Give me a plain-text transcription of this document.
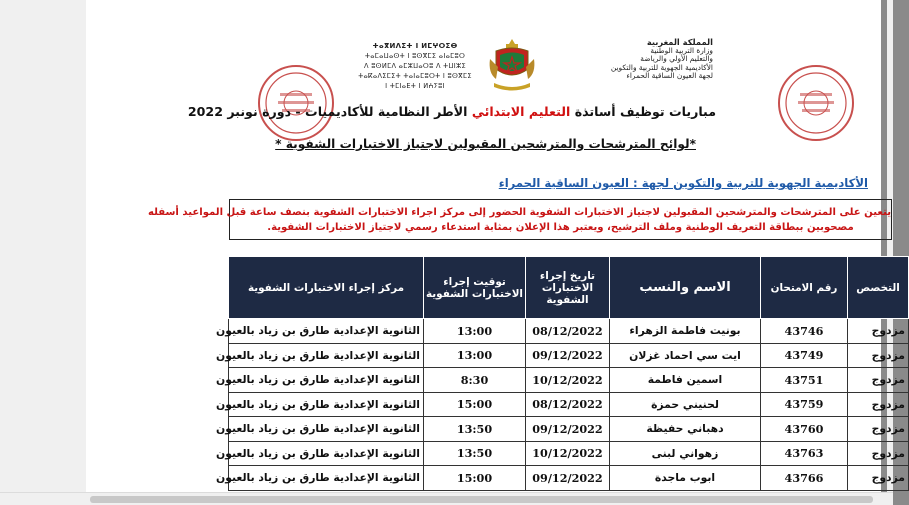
المملكة المغربية
وزارة التربية الوطنية
والتعليم الأولي والرياضة
الأكاديمية الجهوية للتربية والتكوين
لجهة العيون الساقية الحمراء
ⵜⴰⴳⵍⴷⵉⵜ ⵏ ⵍⵎⵖⵔⵉⴱ
ⵜⴰⵎⴰⵡⴰⵙⵜ ⵏ ⵓⵙⴳⵎⵉ ⴰⵏⴰⵎⵓⵔ
ⴷ ⵓⵙⵍⵎⴷ ⴰⵎⵣⵡⴰⵔⵓ ⴷ ⵜⵡⵏⵣⵉ
ⵜⴰⴽⴰⴷⵉⵎⵉⵜ ⵜⴰⵏⴰⵎⵓⵔⵜ ⵏ ⵓⵙⴳⵎⵉ
ⵏ ⵜⵎⵏⴰⴹⵜ ⵏ ⵍⵄⵢⵓⵏ
مباريات توظيف أساتذة التعليم الابتدائي الأطر النظامية للأكاديميات - دورة نونبر 2022
*لوائح المترشحات والمترشحين المقبولين لاجتياز الاختبارات الشفوية *
الأكاديمية الجهوية للتربية والتكوين لجهة : العيون الساقية الحمراء
يتعين على المترشحات والمترشحين المقبولين لاجتياز الاختبارات الشفوية الحضور إلى مركز اجراء الاختبارات الشفوية بنصف ساعة قبل المواعيد أسفله
مصحوبين ببطاقة التعريف الوطنية وملف الترشيح، ويعتبر هذا الإعلان بمثابة استدعاء رسمي لاجتياز الاختبارات الشفوية.
التخصص	رقم الامتحان	الاسم والنسب	تاريخ إجراء الاختبارات الشفوية	توقيت إجراء الاختبارات الشفوية	مركز إجراء الاختبارات الشفوية
مزدوج	43746	بونيت فاطمة الزهراء	08/12/2022	13:00	الثانوية الإعدادية طارق بن زياد بالعيون
مزدوج	43749	ايت سي احماد غزلان	09/12/2022	13:00	الثانوية الإعدادية طارق بن زياد بالعيون
مزدوج	43751	اسمين فاطمة	10/12/2022	8:30	الثانوية الإعدادية طارق بن زياد بالعيون
مزدوج	43759	لحنيني حمزة	08/12/2022	15:00	الثانوية الإعدادية طارق بن زياد بالعيون
مزدوج	43760	دهباني حفيظة	09/12/2022	13:50	الثانوية الإعدادية طارق بن زياد بالعيون
مزدوج	43763	زهواني لبنى	10/12/2022	13:50	الثانوية الإعدادية طارق بن زياد بالعيون
مزدوج	43766	ابوب ماجدة	09/12/2022	15:00	الثانوية الإعدادية طارق بن زياد بالعيون
